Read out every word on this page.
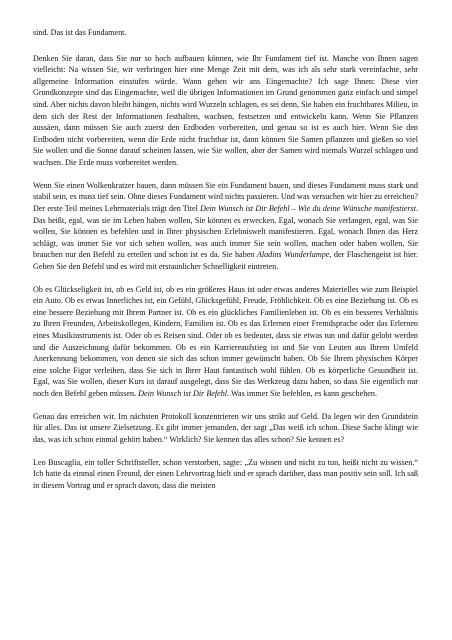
sind. Das ist das Fundament.

Denken Sie daran, dass Sie nur so hoch aufbauen können, wie Ihr Fundament tief ist. Manche von Ihnen sagen vielleicht: Na wissen Sie, wir verbringen hier eine Menge Zeit mit dem, was ich als sehr stark vereinfachte, sehr allgemeine Information einstufen würde. Wann gehen wir ans Eingemachte? Ich sage Ihnen: Diese vier Grundkonzepte sind das Eingemachte, weil die übrigen Informationen im Grund genommen ganz einfach und simpel sind. Aber nichts davon bleibt hängen, nichts wird Wurzeln schlagen, es sei denn, Sie haben ein fruchtbares Milieu, in dem sich der Rest der Informationen festhalten, wachsen, festsetzen und entwickeln kann. Wenn Sie Pflanzen aussäen, dann müssen Sie auch zuerst den Erdboden vorbereiten, und genau so ist es auch hier. Wenn Sie den Erdboden nicht vorbereiten, wenn die Erde nicht fruchtbar ist, dann können Sie Samen pflanzen und gießen so viel Sie wollen und die Sonne darauf scheinen lassen, wie Sie wollen, aber der Samen wird niemals Wurzel schlagen und wachsen. Die Erde muss vorbereitet werden.

Wenn Sie einen Wolkenkratzer bauen, dann müssen Sie ein Fundament bauen, und dieses Fundament muss stark und stabil sein, es muss tief sein. Ohne dieses Fundament wird nichts passieren. Und was versuchen wir hier zu erreichen? Der erste Teil meines Lehrmaterials trägt den Titel Dein Wunsch ist Dir Befehl – Wie du deine Wünsche manifestierst. Das heißt, egal, was sie im Leben haben wollen, Sie können es erwecken. Egal, wonach Sie verlangen, egal, was Sie wollen, Sie können es befehlen und in Ihrer physischen Erlebniswelt manifestieren. Egal, wonach Ihnen das Herz schlägt, was immer Sie vor sich sehen wollen, was auch immer Sie sein wollen, machen oder haben wollen, Sie brauchen nur den Befehl zu erteilen und schon ist es da. Sie haben Aladins Wunderlampe, der Flaschengeist ist hier. Geben Sie den Befehl und es wird mit erstaunlicher Schnelligkeit eintreten.

Ob es Glückseligkeit ist, ob es Geld ist, ob es ein größeres Haus ist oder etwas anderes Materielles wie zum Beispiel ein Auto. Ob es etwas Innerliches ist, ein Gefühl, Glücksgefühl, Freude, Fröhlichkeit. Ob es eine Beziehung ist. Ob es eine bessere Beziehung mit Ihrem Partner ist. Ob es ein glückliches Familienleben ist. Ob es ein besseres Verhältnis zu Ihren Freunden, Arbeitskollegen, Kindern, Familien ist. Ob es das Erlernen einer Fremdsprache oder das Erlernen eines Musikinstruments ist. Oder ob es Reisen sind. Oder ob es bedeutet, dass sie etwas tun und dafür gelobt werden und die Auszeichnung dafür bekommen. Ob es ein Karriereaufstieg ist und Sie von Leuten aus Ihrem Umfeld Anerkennung bekommen, von denen sie sich das schon immer gewünscht haben. Ob Sie Ihrem physischen Körper eine solche Figur verleihen, dass Sie sich in Ihrer Haut fantastisch wohl fühlen. Ob es körperliche Gesundheit ist. Egal, was Sie wollen, dieser Kurs ist darauf ausgelegt, dass Sie das Werkzeug dazu haben, so dass Sie eigentlich nur noch den Befehl geben müssen. Dein Wunsch ist Dir Befehl. Was immer Sie befehlen, es kann geschehen.

Genau das erreichen wir. Im nächsten Protokoll konzentrieren wir uns strikt auf Geld. Da legen wir den Grundstein für alles. Das ist unsere Zielsetzung. Es gibt immer jemanden, der sagt „Das weiß ich schon. Diese Sache klingt wie das, was ich schon einmal gehört haben.“ Wirklich? Sie kennen das alles schon? Sie kennen es?

Leo Buscaglia, ein toller Schriftsteller, schon verstorben, sagte: „Zu wissen und nicht zu tun, heißt nicht zu wissen.“ Ich hatte da einmal einen Freund, der einen Lehrvortrag hielt und er sprach darüber, dass man positiv sein soll. Ich saß in diesem Vortrag und er sprach davon, dass die meisten
